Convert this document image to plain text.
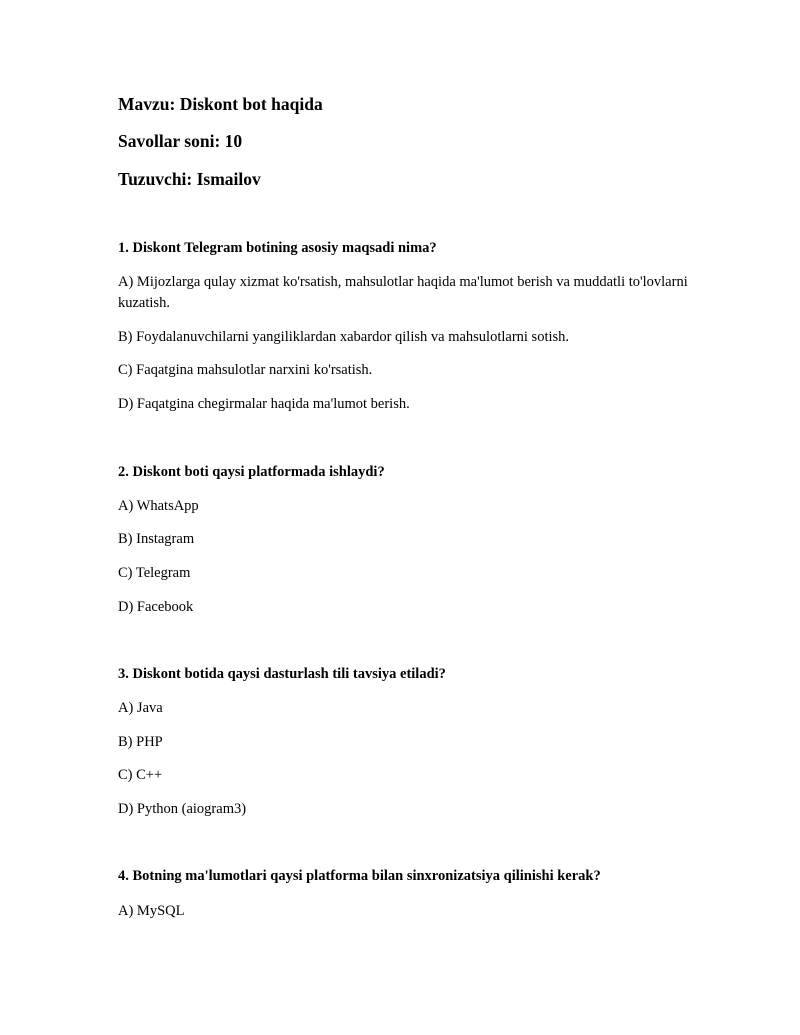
Mavzu: Diskont bot haqida
Savollar soni: 10
Tuzuvchi: Ismailov
1. Diskont Telegram botining asosiy maqsadi nima?
A) Mijozlarga qulay xizmat ko'rsatish, mahsulotlar haqida ma'lumot berish va muddatli to'lovlarni kuzatish.
B) Foydalanuvchilarni yangiliklardan xabardor qilish va mahsulotlarni sotish.
C) Faqatgina mahsulotlar narxini ko'rsatish.
D) Faqatgina chegirmalar haqida ma'lumot berish.
2. Diskont boti qaysi platformada ishlaydi?
A) WhatsApp
B) Instagram
C) Telegram
D) Facebook
3. Diskont botida qaysi dasturlash tili tavsiya etiladi?
A) Java
B) PHP
C) C++
D) Python (aiogram3)
4. Botning ma'lumotlari qaysi platforma bilan sinxronizatsiya qilinishi kerak?
A) MySQL
